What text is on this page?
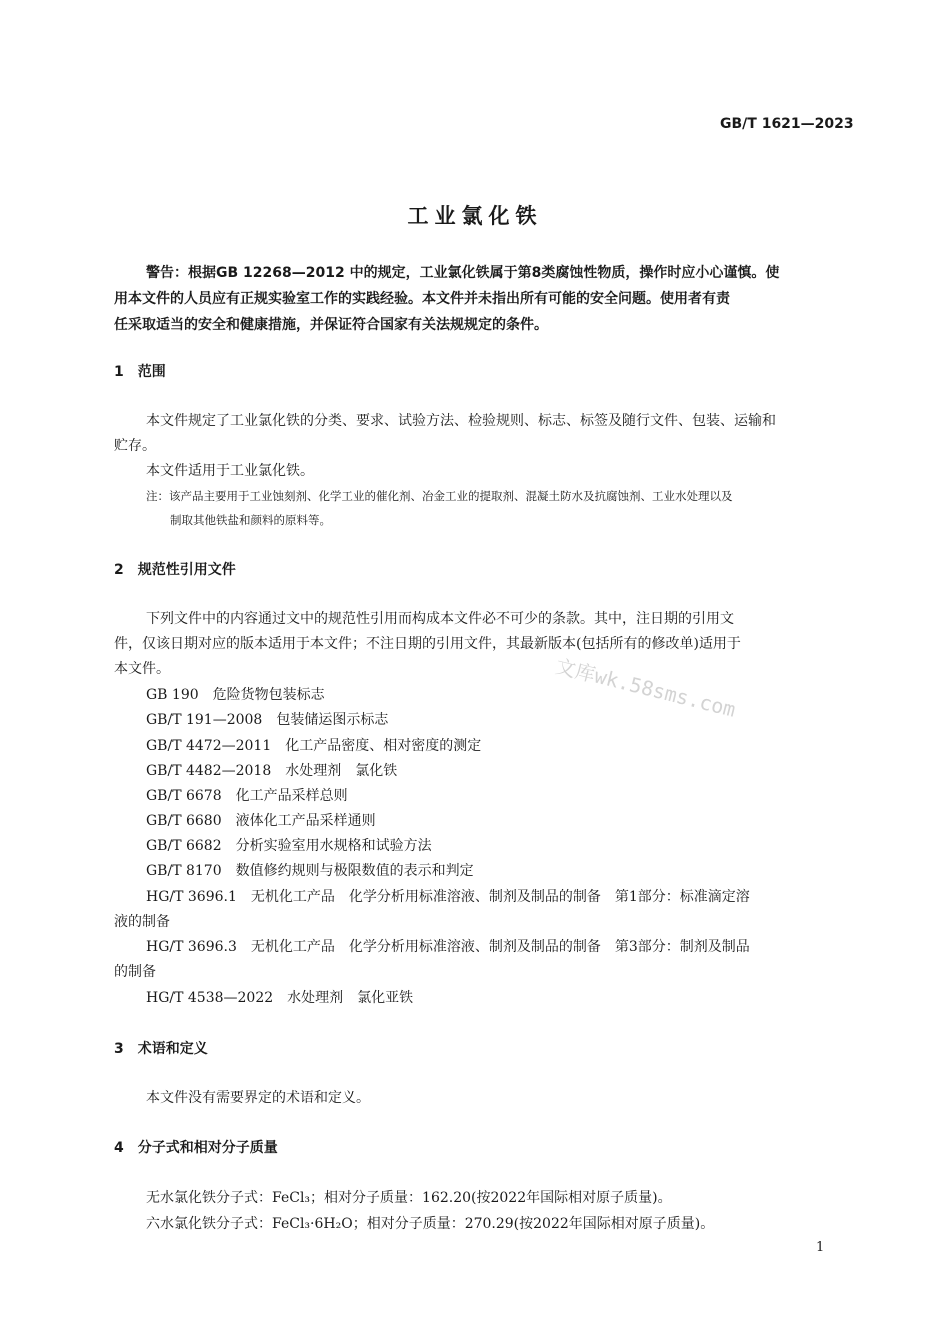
GB/T 1621—2023
工业氯化铁
警告：根据GB 12268—2012 中的规定，工业氯化铁属于第8类腐蚀性物质，操作时应小心谨慎。使
用本文件的人员应有正规实验室工作的实践经验。本文件并未指出所有可能的安全问题。使用者有责
任采取适当的安全和健康措施，并保证符合国家有关法规规定的条件。
1　范围
本文件规定了工业氯化铁的分类、要求、试验方法、检验规则、标志、标签及随行文件、包装、运输和
贮存。
本文件适用于工业氯化铁。
注：该产品主要用于工业蚀刻剂、化学工业的催化剂、冶金工业的提取剂、混凝土防水及抗腐蚀剂、工业水处理以及
制取其他铁盐和颜料的原料等。
2　规范性引用文件
下列文件中的内容通过文中的规范性引用而构成本文件必不可少的条款。其中，注日期的引用文
件，仅该日期对应的版本适用于本文件；不注日期的引用文件，其最新版本(包括所有的修改单)适用于
本文件。
GB 190　危险货物包装标志
GB/T 191—2008　包装储运图示标志
GB/T 4472—2011　化工产品密度、相对密度的测定
GB/T 4482—2018　水处理剂　氯化铁
GB/T 6678　化工产品采样总则
GB/T 6680　液体化工产品采样通则
GB/T 6682　分析实验室用水规格和试验方法
GB/T 8170　数值修约规则与极限数值的表示和判定
HG/T 3696.1　无机化工产品　化学分析用标准溶液、制剂及制品的制备　第1部分：标准滴定溶
液的制备
HG/T 3696.3　无机化工产品　化学分析用标准溶液、制剂及制品的制备　第3部分：制剂及制品
的制备
HG/T 4538—2022　水处理剂　氯化亚铁
3　术语和定义
本文件没有需要界定的术语和定义。
4　分子式和相对分子质量
无水氯化铁分子式：FeCl₃；相对分子质量：162.20(按2022年国际相对原子质量)。
六水氯化铁分子式：FeCl₃·6H₂O；相对分子质量：270.29(按2022年国际相对原子质量)。
文库wk.58sms.com
1
